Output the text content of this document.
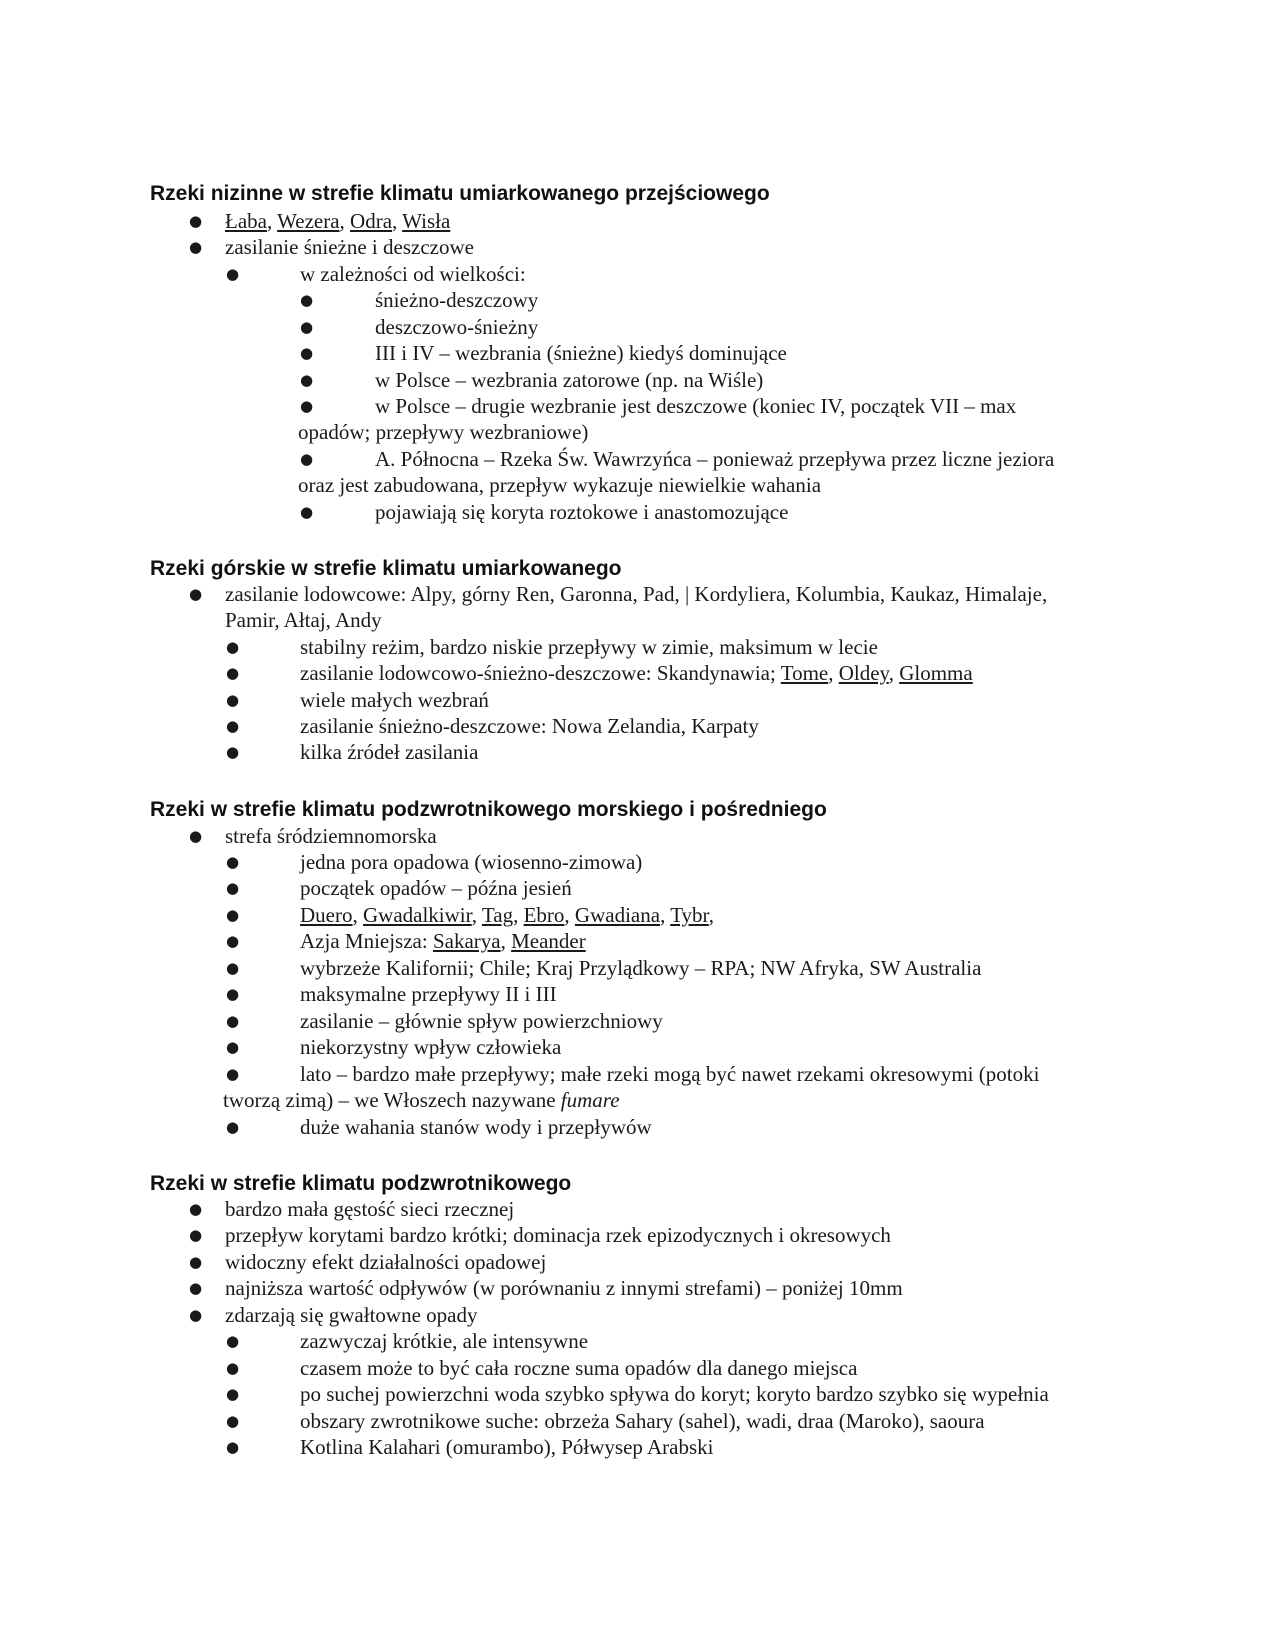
Rzeki nizinne w strefie klimatu umiarkowanego przejściowego
● Łaba, Wezera, Odra, Wisła
● zasilanie śnieżne i deszczowe
●	w zależności od wielkości:
●	śnieżno-deszczowy
●	deszczowo-śnieżny
●	III i IV – wezbrania (śnieżne) kiedyś dominujące
●	w Polsce – wezbrania zatorowe (np. na Wiśle)
●	w Polsce – drugie wezbranie jest deszczowe (koniec IV, początek VII – max
opadów; przepływy wezbraniowe)
●	A. Północna – Rzeka Św. Wawrzyńca – ponieważ przepływa przez liczne jeziora
oraz jest zabudowana, przepływ wykazuje niewielkie wahania
●	pojawiają się koryta roztokowe i anastomozujące
Rzeki górskie w strefie klimatu umiarkowanego
● zasilanie lodowcowe: Alpy, górny Ren, Garonna, Pad, | Kordyliera, Kolumbia, Kaukaz, Himalaje,
Pamir, Ałtaj, Andy
●	stabilny reżim, bardzo niskie przepływy w zimie, maksimum w lecie
●	zasilanie lodowcowo-śnieżno-deszczowe: Skandynawia; Tome, Oldey, Glomma
●	wiele małych wezbrań
●	zasilanie śnieżno-deszczowe: Nowa Zelandia, Karpaty
●	kilka źródeł zasilania
Rzeki w strefie klimatu podzwrotnikowego morskiego i pośredniego
● strefa śródziemnomorska
●	jedna pora opadowa (wiosenno-zimowa)
●	początek opadów – późna jesień
●	Duero, Gwadalkiwir, Tag, Ebro, Gwadiana, Tybr,
●	Azja Mniejsza: Sakarya, Meander
●	wybrzeże Kalifornii; Chile; Kraj Przylądkowy – RPA; NW Afryka, SW Australia
●	maksymalne przepływy II i III
●	zasilanie – głównie spływ powierzchniowy
●	niekorzystny wpływ człowieka
●	lato – bardzo małe przepływy; małe rzeki mogą być nawet rzekami okresowymi (potoki
tworzą zimą) – we Włoszech nazywane fumare
●	duże wahania stanów wody i przepływów
Rzeki w strefie klimatu podzwrotnikowego
● bardzo mała gęstość sieci rzecznej
● przepływ korytami bardzo krótki; dominacja rzek epizodycznych i okresowych
● widoczny efekt działalności opadowej
● najniższa wartość odpływów (w porównaniu z innymi strefami) – poniżej 10mm
● zdarzają się gwałtowne opady
●	zazwyczaj krótkie, ale intensywne
●	czasem może to być cała roczne suma opadów dla danego miejsca
●	po suchej powierzchni woda szybko spływa do koryt; koryto bardzo szybko się wypełnia
●	obszary zwrotnikowe suche: obrzeża Sahary (sahel), wadi, draa (Maroko), saoura
●	Kotlina Kalahari (omurambo), Półwysep Arabski
